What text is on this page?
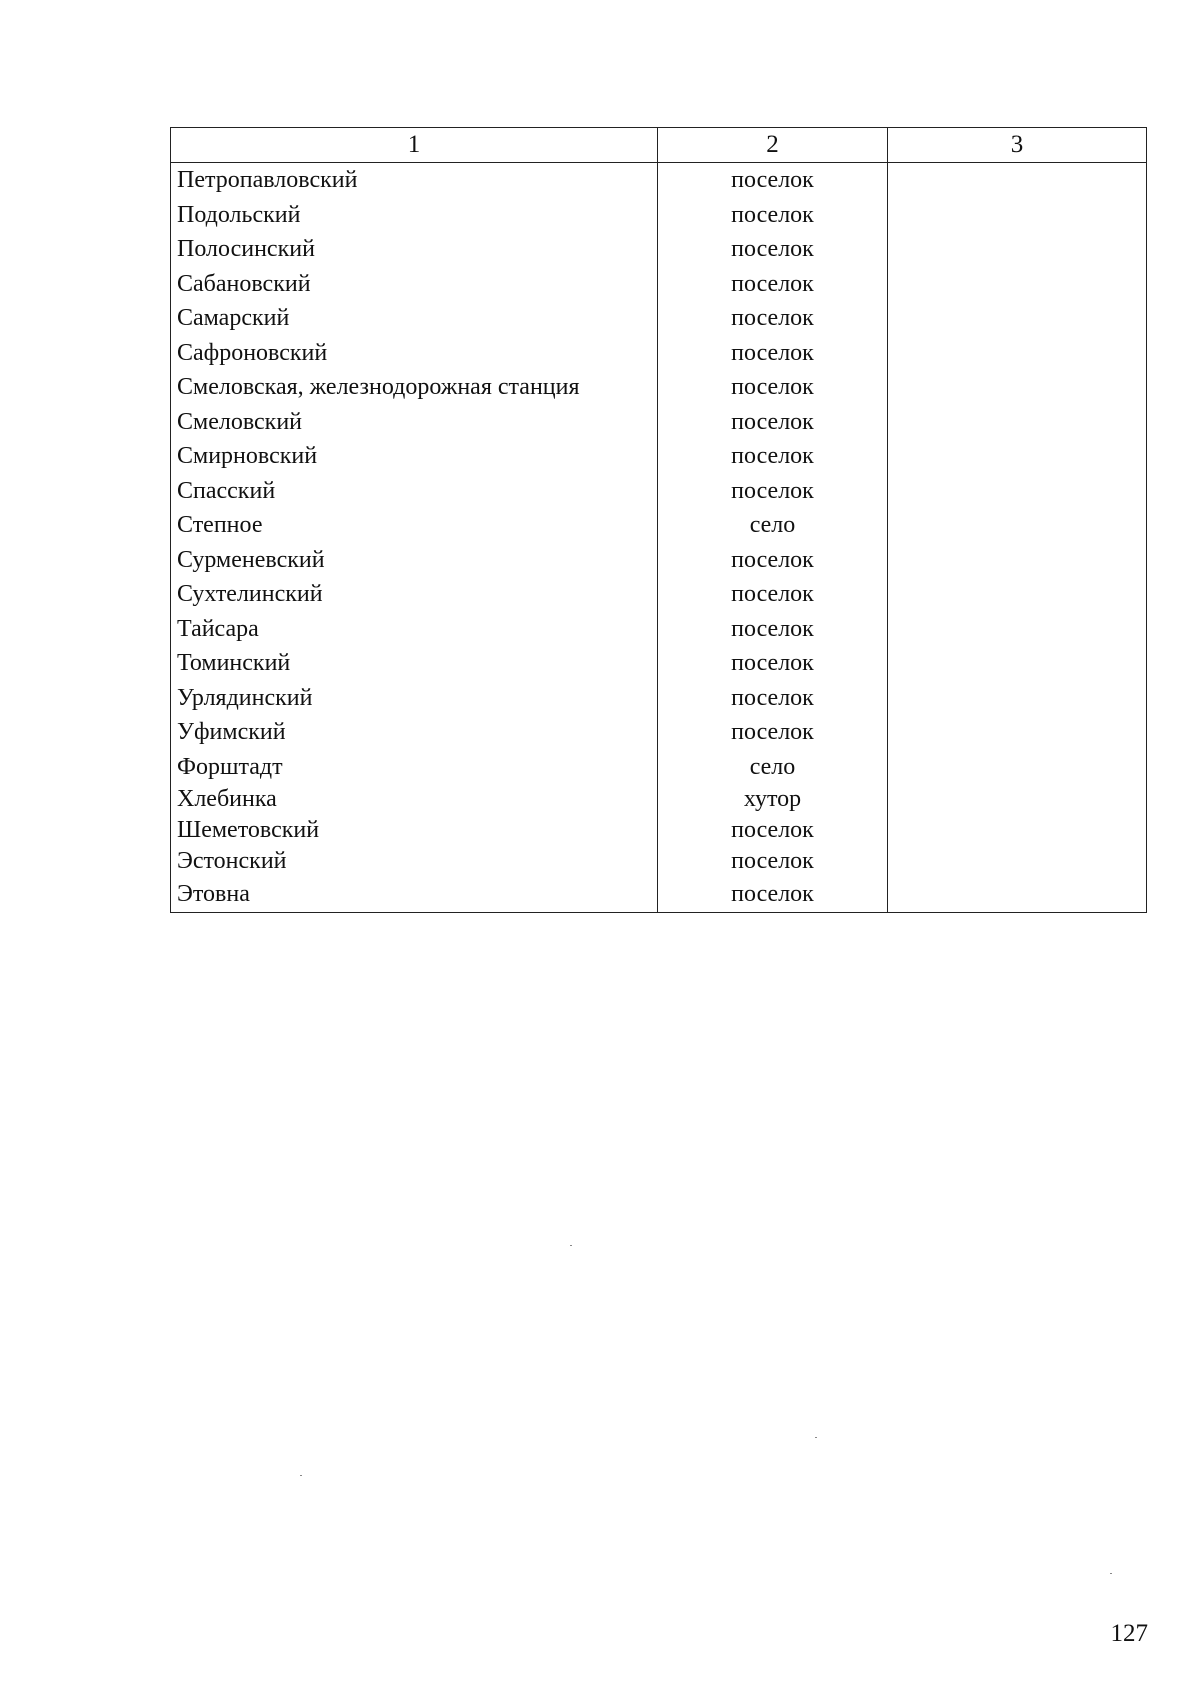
1	2	3
Петропавловский	поселок	
Подольский	поселок	
Полосинский	поселок	
Сабановский	поселок	
Самарский	поселок	
Сафроновский	поселок	
Смеловская, железнодорожная станция	поселок	
Смеловский	поселок	
Смирновский	поселок	
Спасский	поселок	
Степное	село	
Сурменевский	поселок	
Сухтелинский	поселок	
Тайсара	поселок	
Томинский	поселок	
Урлядинский	поселок	
Уфимский	поселок	
Форштадт	село	
Хлебинка	хутор	
Шеметовский	поселок	
Эстонский	поселок	
Этовна	поселок	
127
